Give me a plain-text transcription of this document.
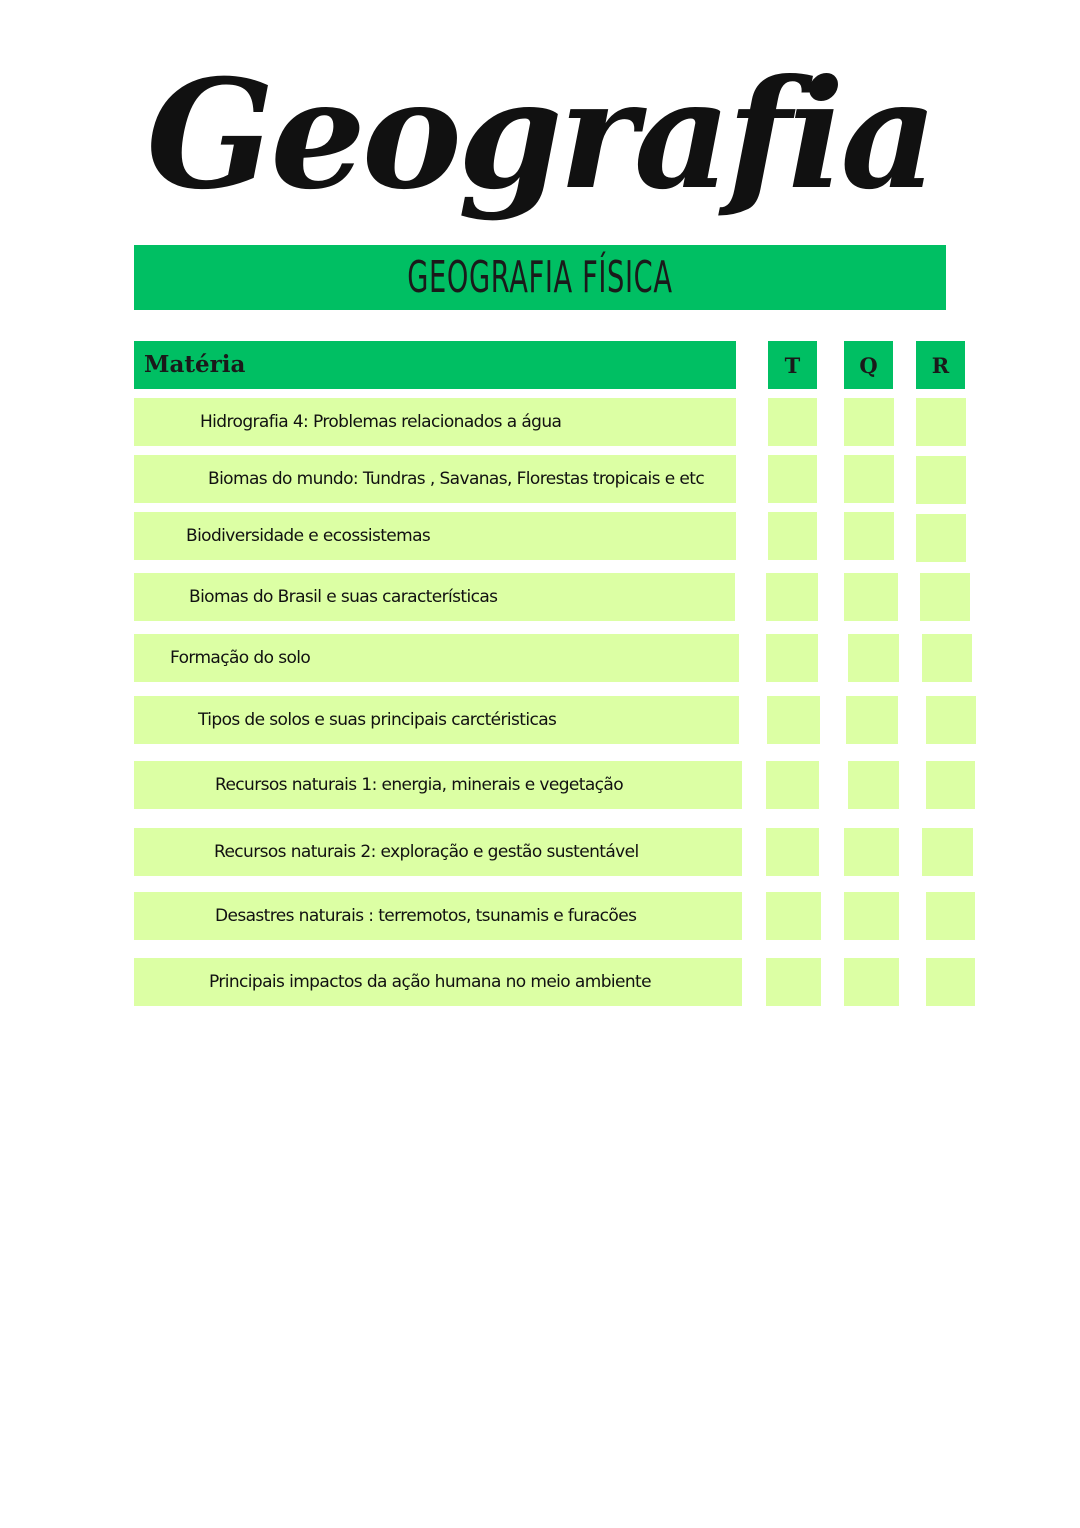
Geografia
GEOGRAFIA FÍSICA
Matéria	T	Q	R
Hidrografia 4: Problemas relacionados a água
Biomas do mundo: Tundras , Savanas, Florestas tropicais e etc
Biodiversidade e ecossistemas
Biomas do Brasil e suas características
Formação do solo
Tipos de solos e suas principais carctéristicas
Recursos naturais 1: energia, minerais e vegetação
Recursos naturais 2: exploração e gestão sustentável
Desastres naturais : terremotos, tsunamis e furacões
Principais impactos da ação humana no meio ambiente
